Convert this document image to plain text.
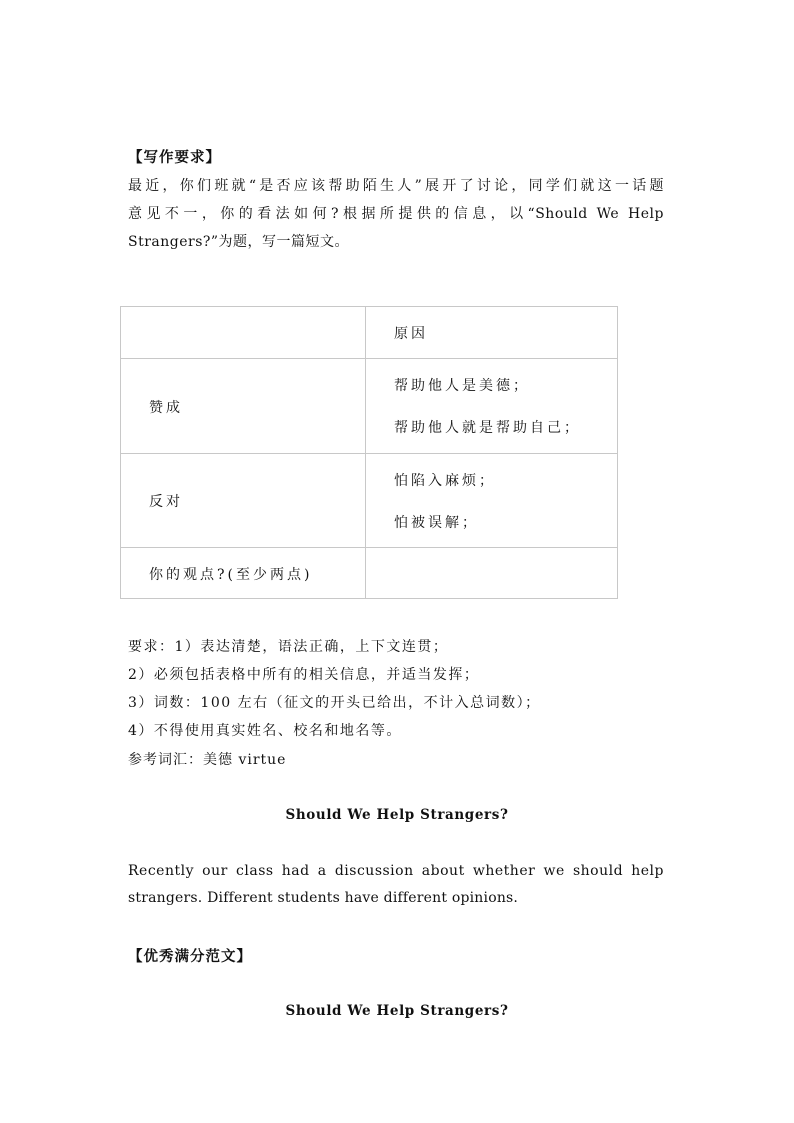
【写作要求】
最近，你们班就“是否应该帮助陌生人”展开了讨论，同学们就这一话题
意见不一，你的看法如何?根据所提供的信息，以“Should We Help
Strangers?”为题，写一篇短文。
原因
赞成
帮助他人是美德；
帮助他人就是帮助自己；
反对
怕陷入麻烦；
怕被误解；
你的观点?(至少两点)
要求：1）表达清楚，语法正确，上下文连贯；
2）必须包括表格中所有的相关信息，并适当发挥；
3）词数：100 左右（征文的开头已给出，不计入总词数）；
4）不得使用真实姓名、校名和地名等。
参考词汇：美德 virtue
Should We Help Strangers?
Recently our class had a discussion about whether we should help
strangers. Different students have different opinions.
【优秀满分范文】
Should We Help Strangers?
